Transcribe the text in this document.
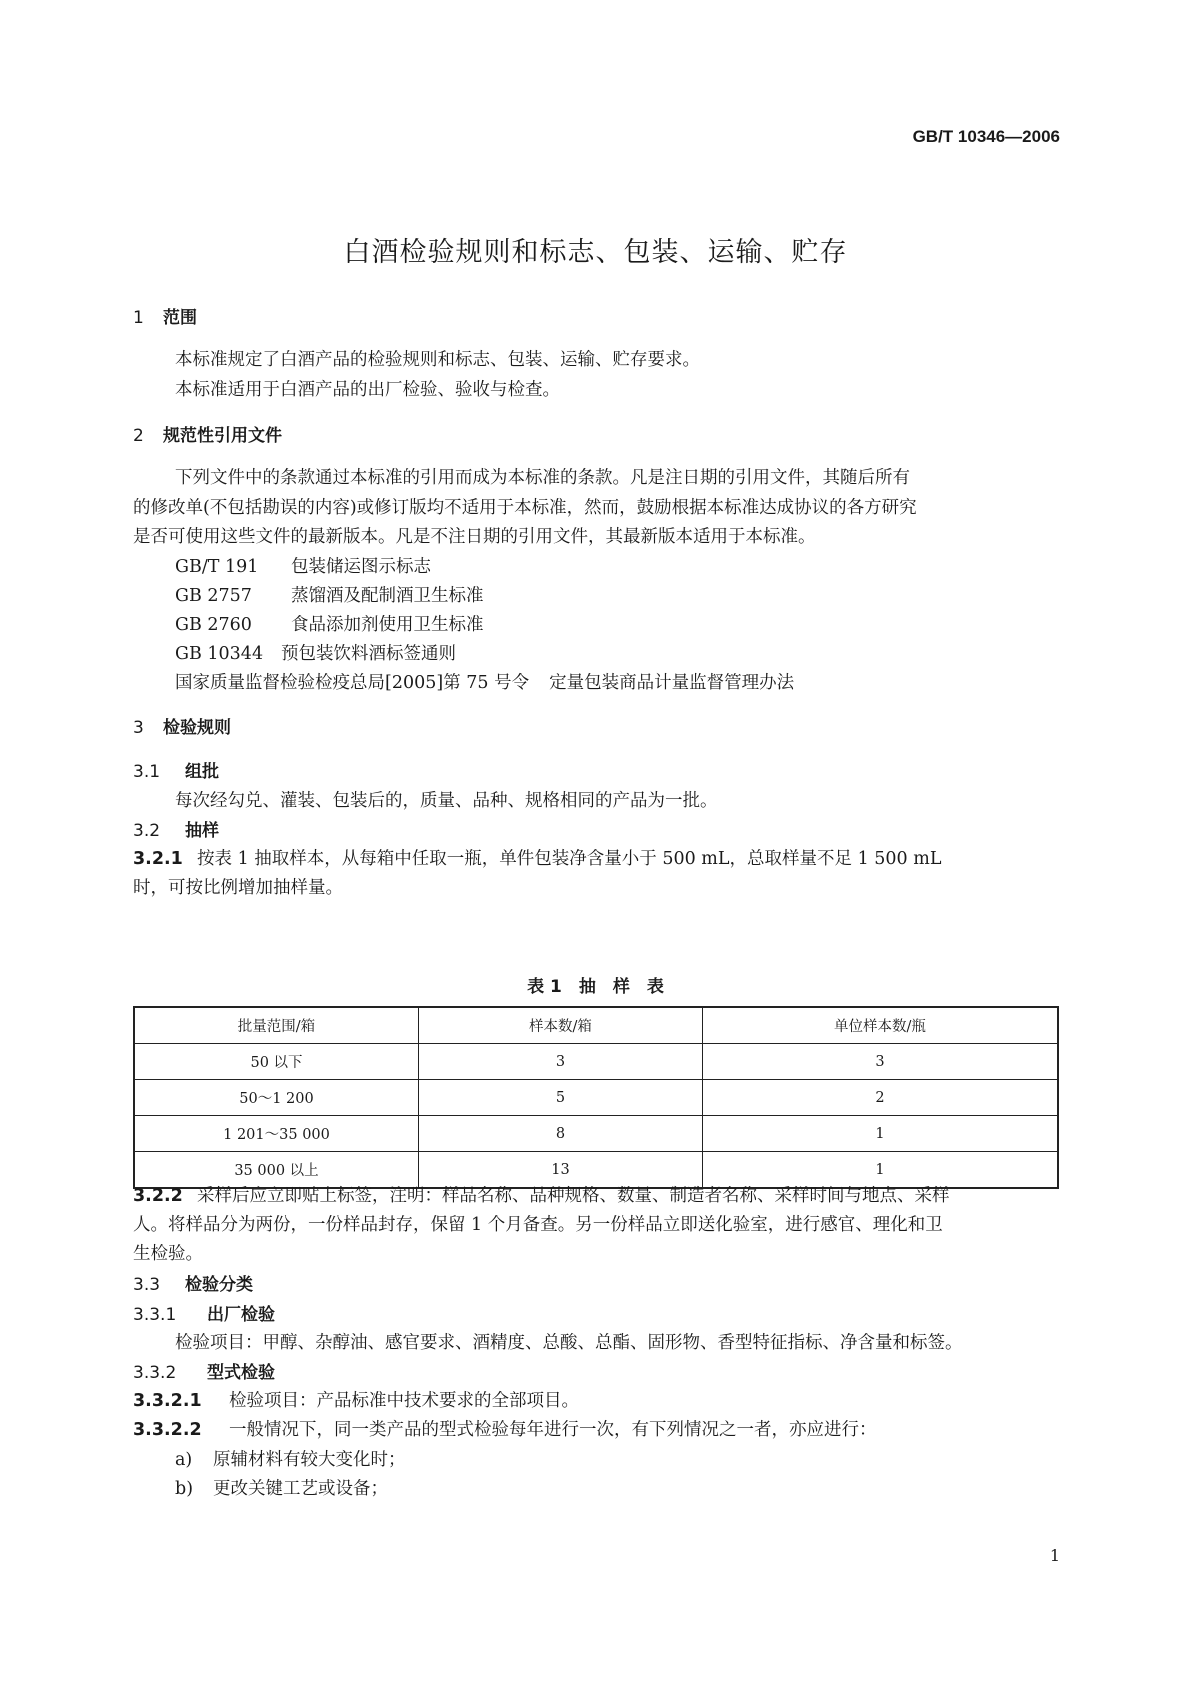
GB/T 10346—2006
白酒检验规则和标志、包装、运输、贮存
1 范围
本标准规定了白酒产品的检验规则和标志、包装、运输、贮存要求。
本标准适用于白酒产品的出厂检验、验收与检查。
2 规范性引用文件
下列文件中的条款通过本标准的引用而成为本标准的条款。凡是注日期的引用文件，其随后所有
的修改单(不包括勘误的内容)或修订版均不适用于本标准，然而，鼓励根据本标准达成协议的各方研究
是否可使用这些文件的最新版本。凡是不注日期的引用文件，其最新版本适用于本标准。
GB/T 191 包装储运图示标志
GB 2757 蒸馏酒及配制酒卫生标准
GB 2760 食品添加剂使用卫生标准
GB 10344 预包装饮料酒标签通则
国家质量监督检验检疫总局[2005]第 75 号令 定量包装商品计量监督管理办法
3 检验规则
3.1 组批
每次经勾兑、灌装、包装后的，质量、品种、规格相同的产品为一批。
3.2 抽样
3.2.1 按表 1 抽取样本，从每箱中任取一瓶，单件包装净含量小于 500 mL，总取样量不足 1 500 mL
时，可按比例增加抽样量。
表 1　抽　样　表
批量范围/箱	样本数/箱	单位样本数/瓶
50 以下	3	3
50～1 200	5	2
1 201～35 000	8	1
35 000 以上	13	1
3.2.2 采样后应立即贴上标签，注明：样品名称、品种规格、数量、制造者名称、采样时间与地点、采样
人。将样品分为两份，一份样品封存，保留 1 个月备查。另一份样品立即送化验室，进行感官、理化和卫
生检验。
3.3 检验分类
3.3.1 出厂检验
检验项目：甲醇、杂醇油、感官要求、酒精度、总酸、总酯、固形物、香型特征指标、净含量和标签。
3.3.2 型式检验
3.3.2.1 检验项目：产品标准中技术要求的全部项目。
3.3.2.2 一般情况下，同一类产品的型式检验每年进行一次，有下列情况之一者，亦应进行：
a) 原辅材料有较大变化时；
b) 更改关键工艺或设备；
1
